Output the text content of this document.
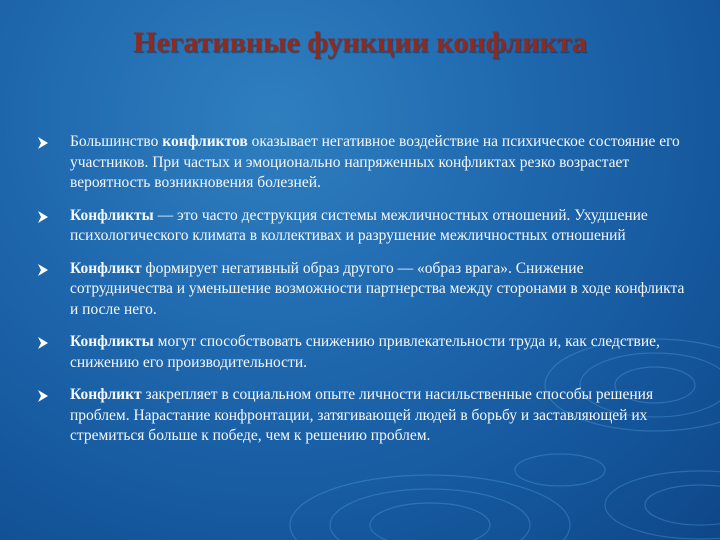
Негативные функции конфликта
Большинство конфликтов оказывает негативное воздействие на психическое состояние его участников. При частых и эмоционально напряженных конфликтах резко возрастает вероятность возникновения болезней.
Конфликты — это часто деструкция системы межличностных отношений. Ухудшение психологического климата в коллективах и разрушение межличностных отношений
Конфликт формирует негативный образ другого — «образ врага». Снижение сотрудничества и уменьшение возможности партнерства между сторонами в ходе конфликта и после него.
Конфликты могут способствовать снижению привлекательности труда и, как следствие, снижению его производительности.
Конфликт закрепляет в социальном опыте личности насильственные способы решения проблем. Нарастание конфронтации, затягивающей людей в борьбу и заставляющей их стремиться больше к победе, чем к решению проблем.
